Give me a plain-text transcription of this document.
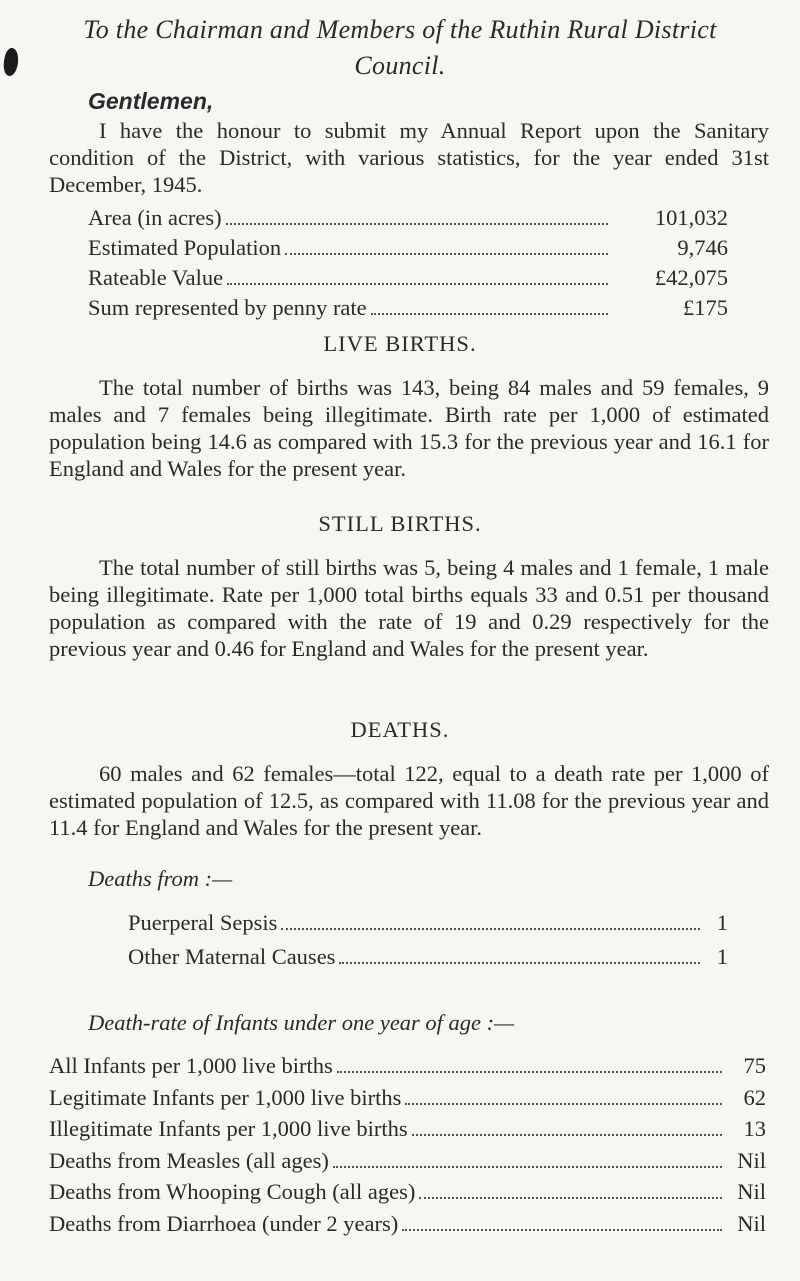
To the Chairman and Members of the Ruthin Rural District
Council.
Gentlemen,

I have the honour to submit my Annual Report upon the Sanitary condition of the District, with various statistics, for the year ended 31st December, 1945.

Area (in acres)	101,032
Estimated Population	9,746
Rateable Value	£42,075
Sum represented by penny rate	£175
LIVE BIRTHS.

The total number of births was 143, being 84 males and 59 females, 9 males and 7 females being illegitimate. Birth rate per 1,000 of estimated population being 14.6 as compared with 15.3 for the previous year and 16.1 for England and Wales for the present year.

STILL BIRTHS.

The total number of still births was 5, being 4 males and 1 female, 1 male being illegitimate. Rate per 1,000 total births equals 33 and 0.51 per thousand population as compared with the rate of 19 and 0.29 respectively for the previous year and 0.46 for England and Wales for the present year.

DEATHS.

60 males and 62 females—total 122, equal to a death rate per 1,000 of estimated population of 12.5, as compared with 11.08 for the previous year and 11.4 for England and Wales for the present year.

Deaths from :—
Puerperal Sepsis	1
Other Maternal Causes	1
Death-rate of Infants under one year of age :—
All Infants per 1,000 live births	75
Legitimate Infants per 1,000 live births	62
Illegitimate Infants per 1,000 live births	13
Deaths from Measles (all ages)	Nil
Deaths from Whooping Cough (all ages)	Nil
Deaths from Diarrhoea (under 2 years)	Nil
